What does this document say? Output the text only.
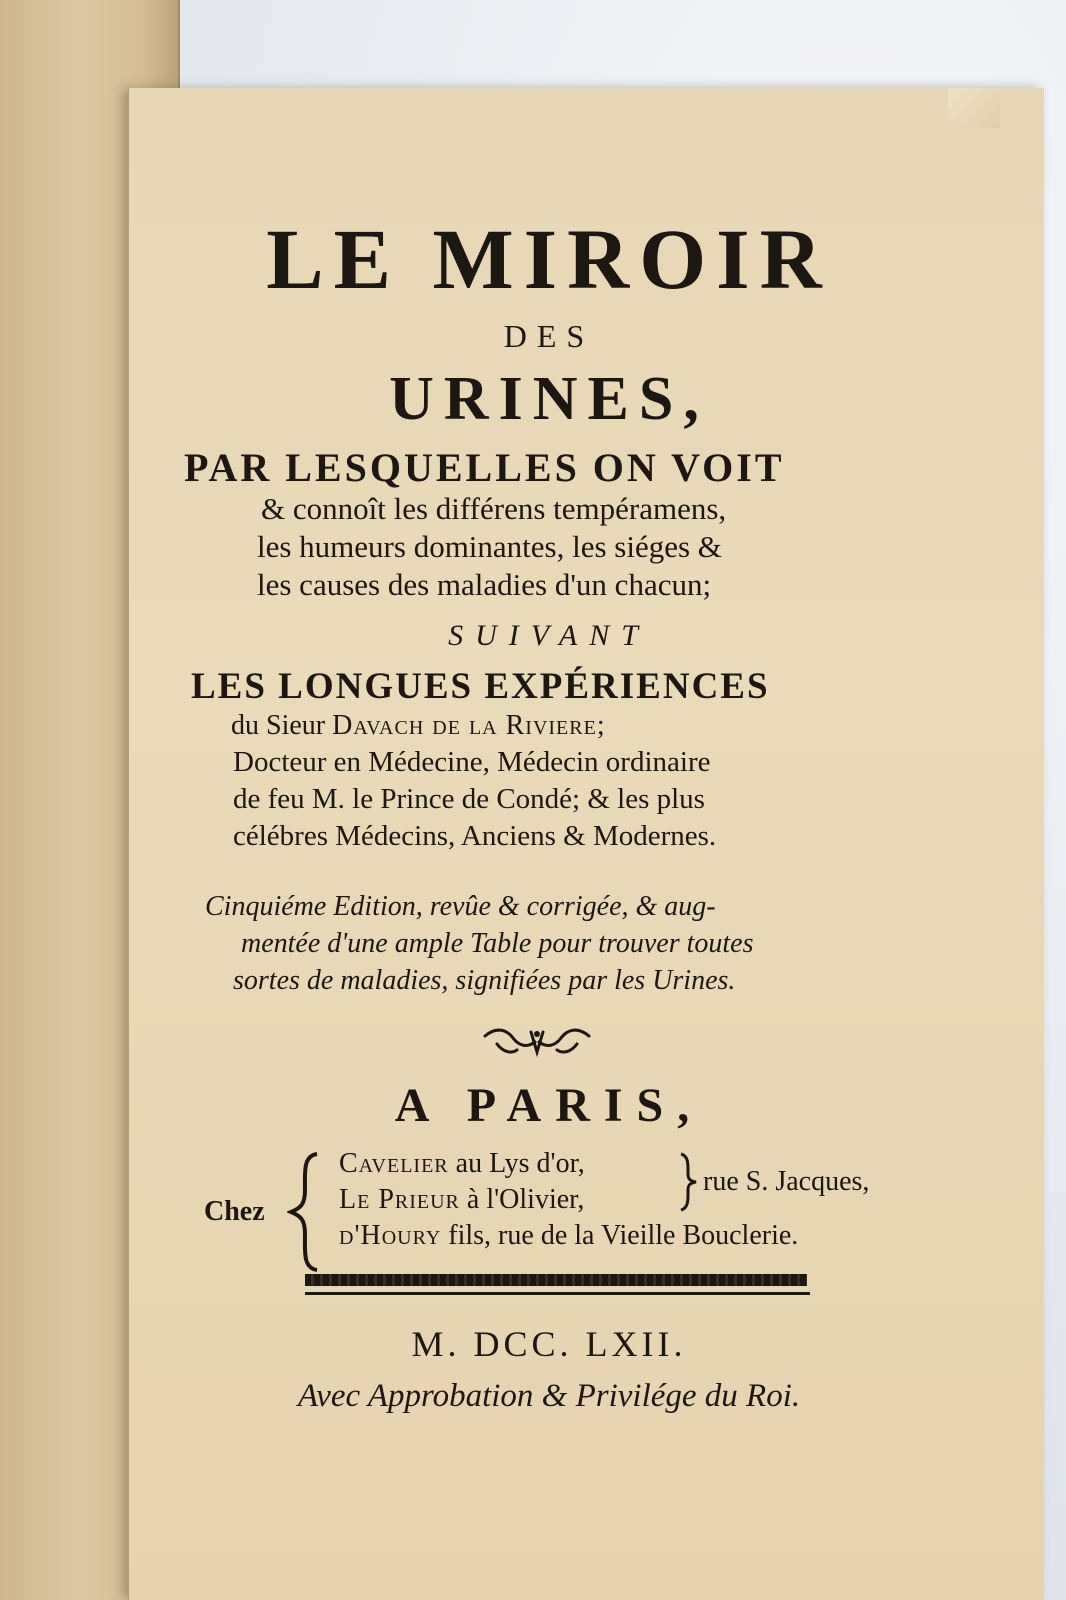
LE MIROIR
DES
URINES,
PAR LESQUELLES ON VOIT
& connoît les différens tempéramens,
les humeurs dominantes, les siéges &
les causes des maladies d'un chacun;
SUIVANT
LES LONGUES EXPÉRIENCES
du Sieur Davach de la Riviere;
Docteur en Médecine, Médecin ordinaire
de feu M. le Prince de Condé; & les plus
célébres Médecins, Anciens & Modernes.
Cinquiéme Edition, revûe & corrigée, & aug-
mentée d'une ample Table pour trouver toutes
sortes de maladies, signifiées par les Urines.
A PARIS,
Chez
Cavelier au Lys d'or,
Le Prieur à l'Olivier,
d'Houry fils, rue de la Vieille Bouclerie.
rue S. Jacques,
M. DCC. LXII.
Avec Approbation & Privilége du Roi.
